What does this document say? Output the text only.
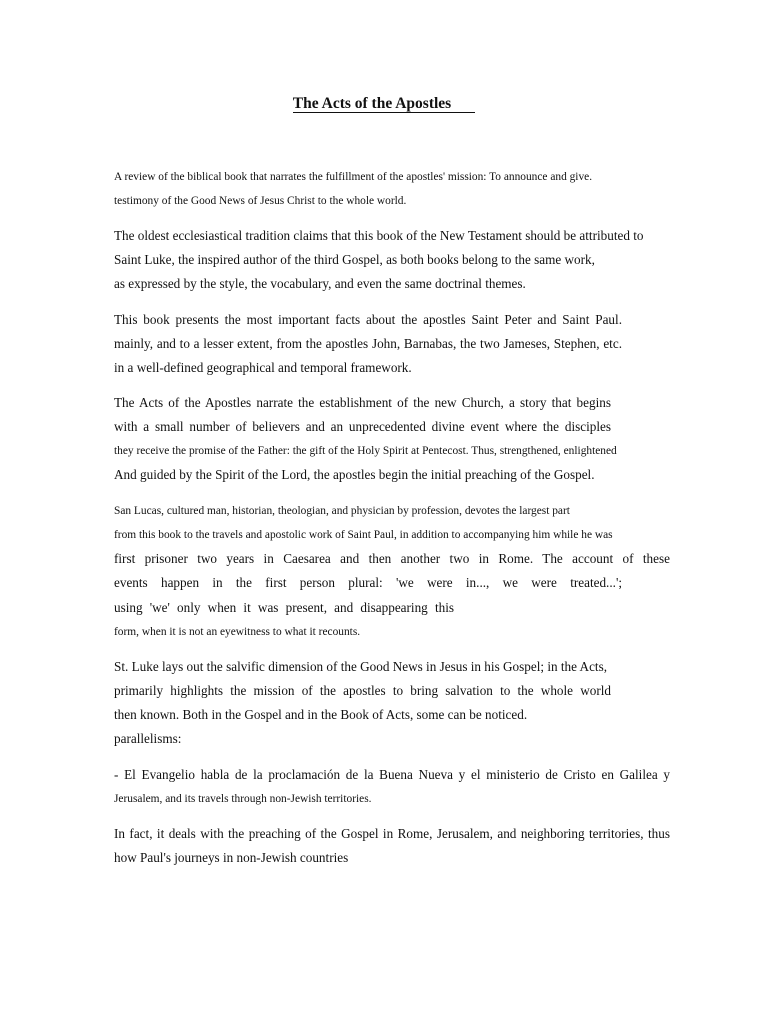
The Acts of the Apostles
A review of the biblical book that narrates the fulfillment of the apostles' mission: To announce and give.
testimony of the Good News of Jesus Christ to the whole world.
The oldest ecclesiastical tradition claims that this book of the New Testament should be attributed to
Saint Luke, the inspired author of the third Gospel, as both books belong to the same work,
as expressed by the style, the vocabulary, and even the same doctrinal themes.
This book presents the most important facts about the apostles Saint Peter and Saint Paul.
mainly, and to a lesser extent, from the apostles John, Barnabas, the two Jameses, Stephen, etc.
in a well-defined geographical and temporal framework.
The Acts of the Apostles narrate the establishment of the new Church, a story that begins
with a small number of believers and an unprecedented divine event where the disciples
they receive the promise of the Father: the gift of the Holy Spirit at Pentecost. Thus, strengthened, enlightened
And guided by the Spirit of the Lord, the apostles begin the initial preaching of the Gospel.
San Lucas, cultured man, historian, theologian, and physician by profession, devotes the largest part
from this book to the travels and apostolic work of Saint Paul, in addition to accompanying him while he was
first prisoner two years in Caesarea and then another two in Rome. The account of these
events happen in the first person plural: 'we were in..., we were treated...';
using 'we' only when it was present, and disappearing this
form, when it is not an eyewitness to what it recounts.
St. Luke lays out the salvific dimension of the Good News in Jesus in his Gospel; in the Acts,
primarily highlights the mission of the apostles to bring salvation to the whole world
then known. Both in the Gospel and in the Book of Acts, some can be noticed.
parallelisms:
- El Evangelio habla de la proclamación de la Buena Nueva y el ministerio de Cristo en Galilea y
Jerusalem, and its travels through non-Jewish territories.
In fact, it deals with the preaching of the Gospel in Rome, Jerusalem, and neighboring territories, thus
how Paul's journeys in non-Jewish countries
